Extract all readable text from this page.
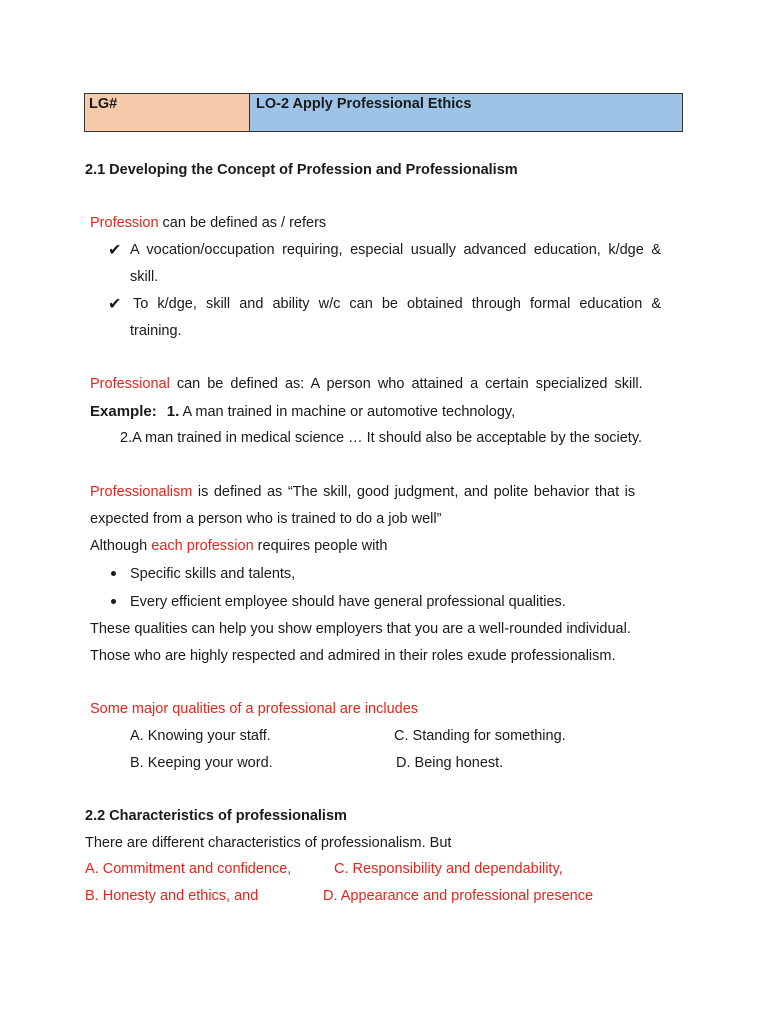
LG#	LO-2 Apply Professional Ethics
2.1 Developing the Concept of Profession and Professionalism
Profession can be defined as / refers
✔ A vocation/occupation requiring, especial usually advanced education, k/dge &
skill.
✔ To k/dge, skill and ability w/c can be obtained through formal education &
training.
Professional can be defined as: A person who attained a certain specialized skill.
Example: 1. A man trained in machine or automotive technology,
2.A man trained in medical science … It should also be acceptable by the society.
Professionalism is defined as “The skill, good judgment, and polite behavior that is
expected from a person who is trained to do a job well”
Although each profession requires people with
Specific skills and talents,
Every efficient employee should have general professional qualities.
These qualities can help you show employers that you are a well-rounded individual.
Those who are highly respected and admired in their roles exude professionalism.
Some major qualities of a professional are includes
A. Knowing your staff.	C. Standing for something.
B. Keeping your word.	D. Being honest.
2.2 Characteristics of professionalism
There are different characteristics of professionalism. But
A. Commitment and confidence,	C. Responsibility and dependability,
B. Honesty and ethics, and	D. Appearance and professional presence
